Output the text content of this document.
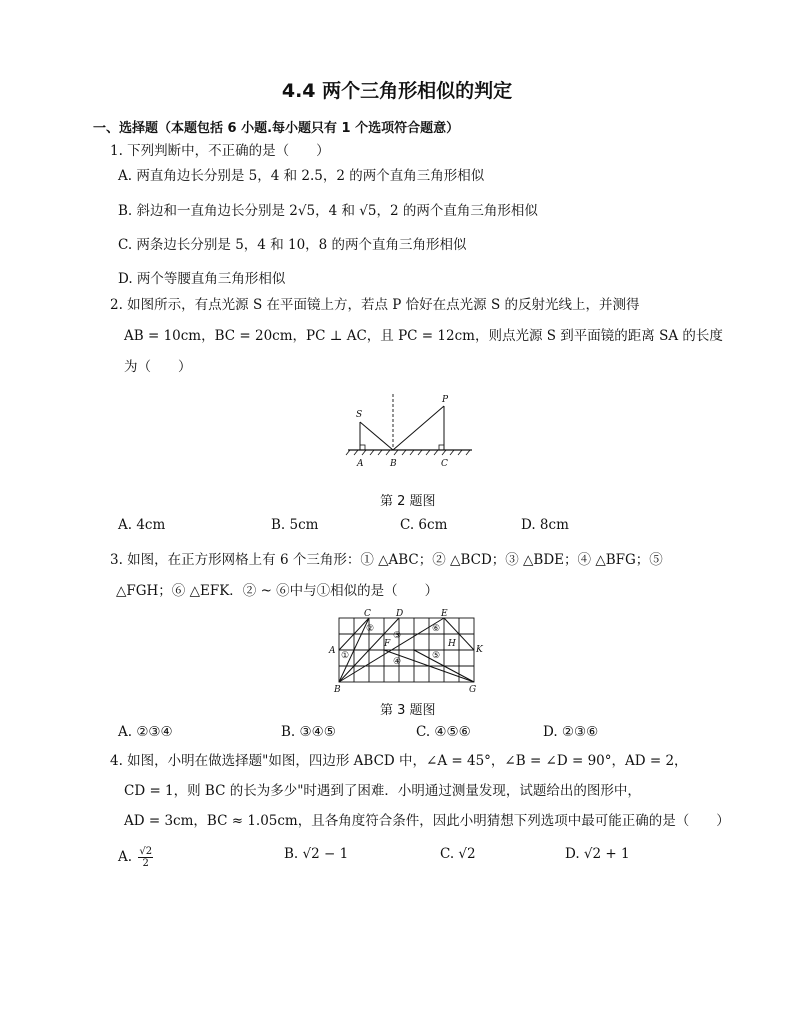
4.4 两个三角形相似的判定
一、选择题（本题包括 6 小题.每小题只有 1 个选项符合题意）
1. 下列判断中，不正确的是（　　）
A. 两直角边长分别是 5，4 和 2.5，2 的两个直角三角形相似
B. 斜边和一直角边长分别是 2√5，4 和 √5，2 的两个直角三角形相似
C. 两条边长分别是 5，4 和 10，8 的两个直角三角形相似
D. 两个等腰直角三角形相似
2. 如图所示，有点光源 S 在平面镜上方，若点 P 恰好在点光源 S 的反射光线上，并测得
AB = 10cm，BC = 20cm，PC ⊥ AC，且 PC = 12cm，则点光源 S 到平面镜的距离 SA 的长度
为（　　）
S
P
A	B	C
第 2 题图
A. 4cm	B. 5cm	C. 6cm	D. 8cm
3. 如图，在正方形网格上有 6 个三角形：① △ABC；② △BCD；③ △BDE；④ △BFG；⑤
△FGH；⑥ △EFK．② ~ ⑥中与①相似的是（　　）
C	D	E
A
F	H
K
B	G
①
②
③
④
⑤
⑥
第 3 题图
A. ②③④	B. ③④⑤	C. ④⑤⑥	D. ②③⑥
4. 如图，小明在做选择题"如图，四边形 ABCD 中，∠A = 45°，∠B = ∠D = 90°，AD = 2，
CD = 1，则 BC 的长为多少"时遇到了困难．小明通过测量发现，试题给出的图形中，
AD = 3cm，BC ≈ 1.05cm，且各角度符合条件，因此小明猜想下列选项中最可能正确的是（　　）
A. $\frac{√2}{2}$	B. √2 − 1	C. √2	D. √2 + 1
